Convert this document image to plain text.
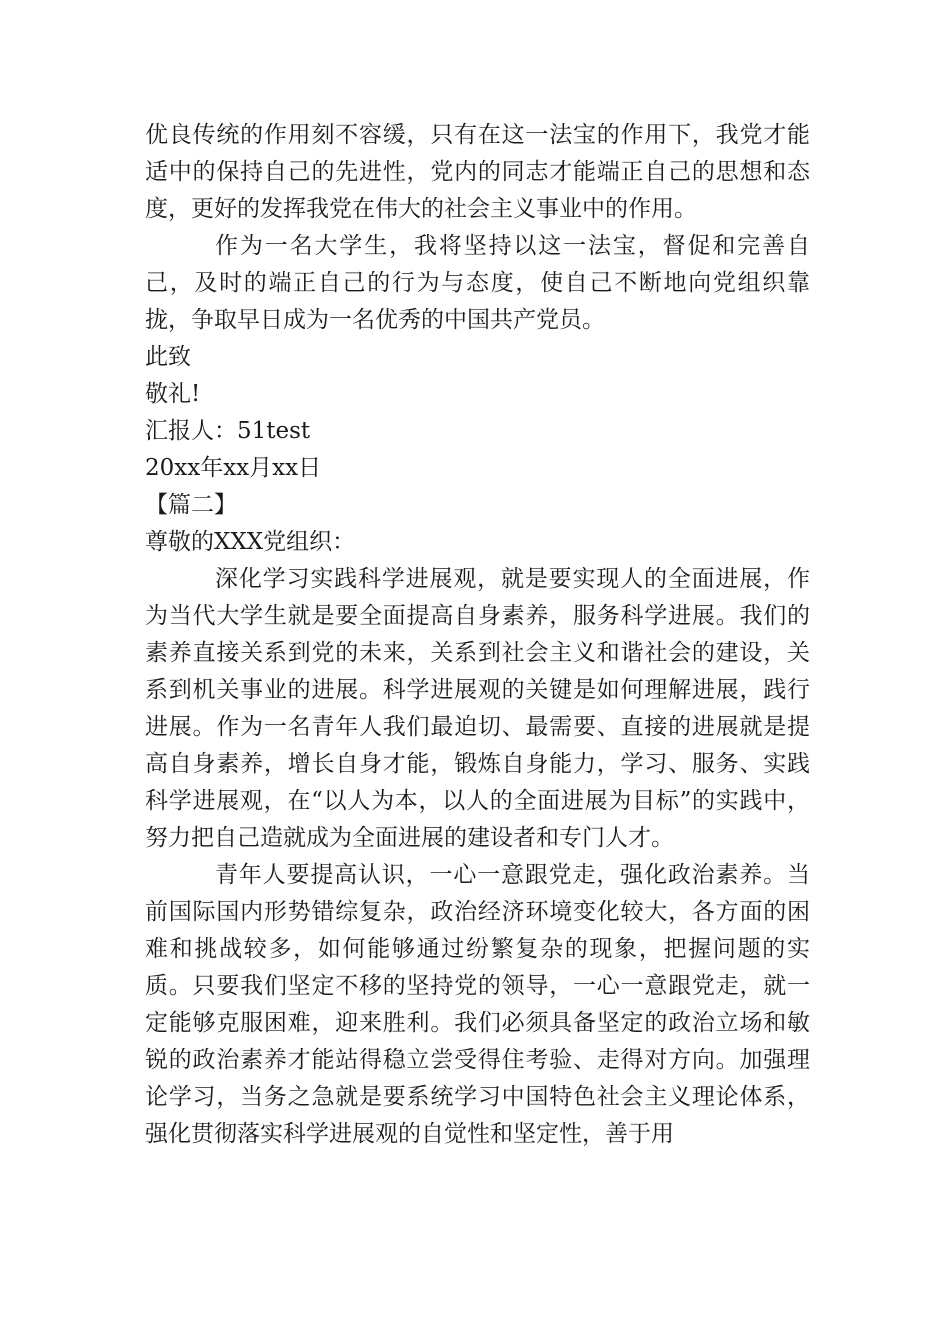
优良传统的作用刻不容缓，只有在这一法宝的作用下，我党才能适中的保持自己的先进性，党内的同志才能端正自己的思想和态度，更好的发挥我党在伟大的社会主义事业中的作用。

作为一名大学生，我将坚持以这一法宝，督促和完善自己，及时的端正自己的行为与态度，使自己不断地向党组织靠拢，争取早日成为一名优秀的中国共产党员。

此致

敬礼!

汇报人：51test

20xx年xx月xx日

【篇二】

尊敬的XXX党组织：

深化学习实践科学进展观，就是要实现人的全面进展，作为当代大学生就是要全面提高自身素养，服务科学进展。我们的素养直接关系到党的未来，关系到社会主义和谐社会的建设，关系到机关事业的进展。科学进展观的关键是如何理解进展，践行进展。作为一名青年人我们最迫切、最需要、直接的进展就是提高自身素养，增长自身才能，锻炼自身能力，学习、服务、实践科学进展观，在“以人为本，以人的全面进展为目标”的实践中，努力把自己造就成为全面进展的建设者和专门人才。

青年人要提高认识，一心一意跟党走，强化政治素养。当前国际国内形势错综复杂，政治经济环境变化较大，各方面的困难和挑战较多，如何能够通过纷繁复杂的现象，把握问题的实质。只要我们坚定不移的坚持党的领导，一心一意跟党走，就一定能够克服困难，迎来胜利。我们必须具备坚定的政治立场和敏锐的政治素养才能站得稳立尝受得住考验、走得对方向。加强理论学习，当务之急就是要系统学习中国特色社会主义理论体系，强化贯彻落实科学进展观的自觉性和坚定性，善于用
